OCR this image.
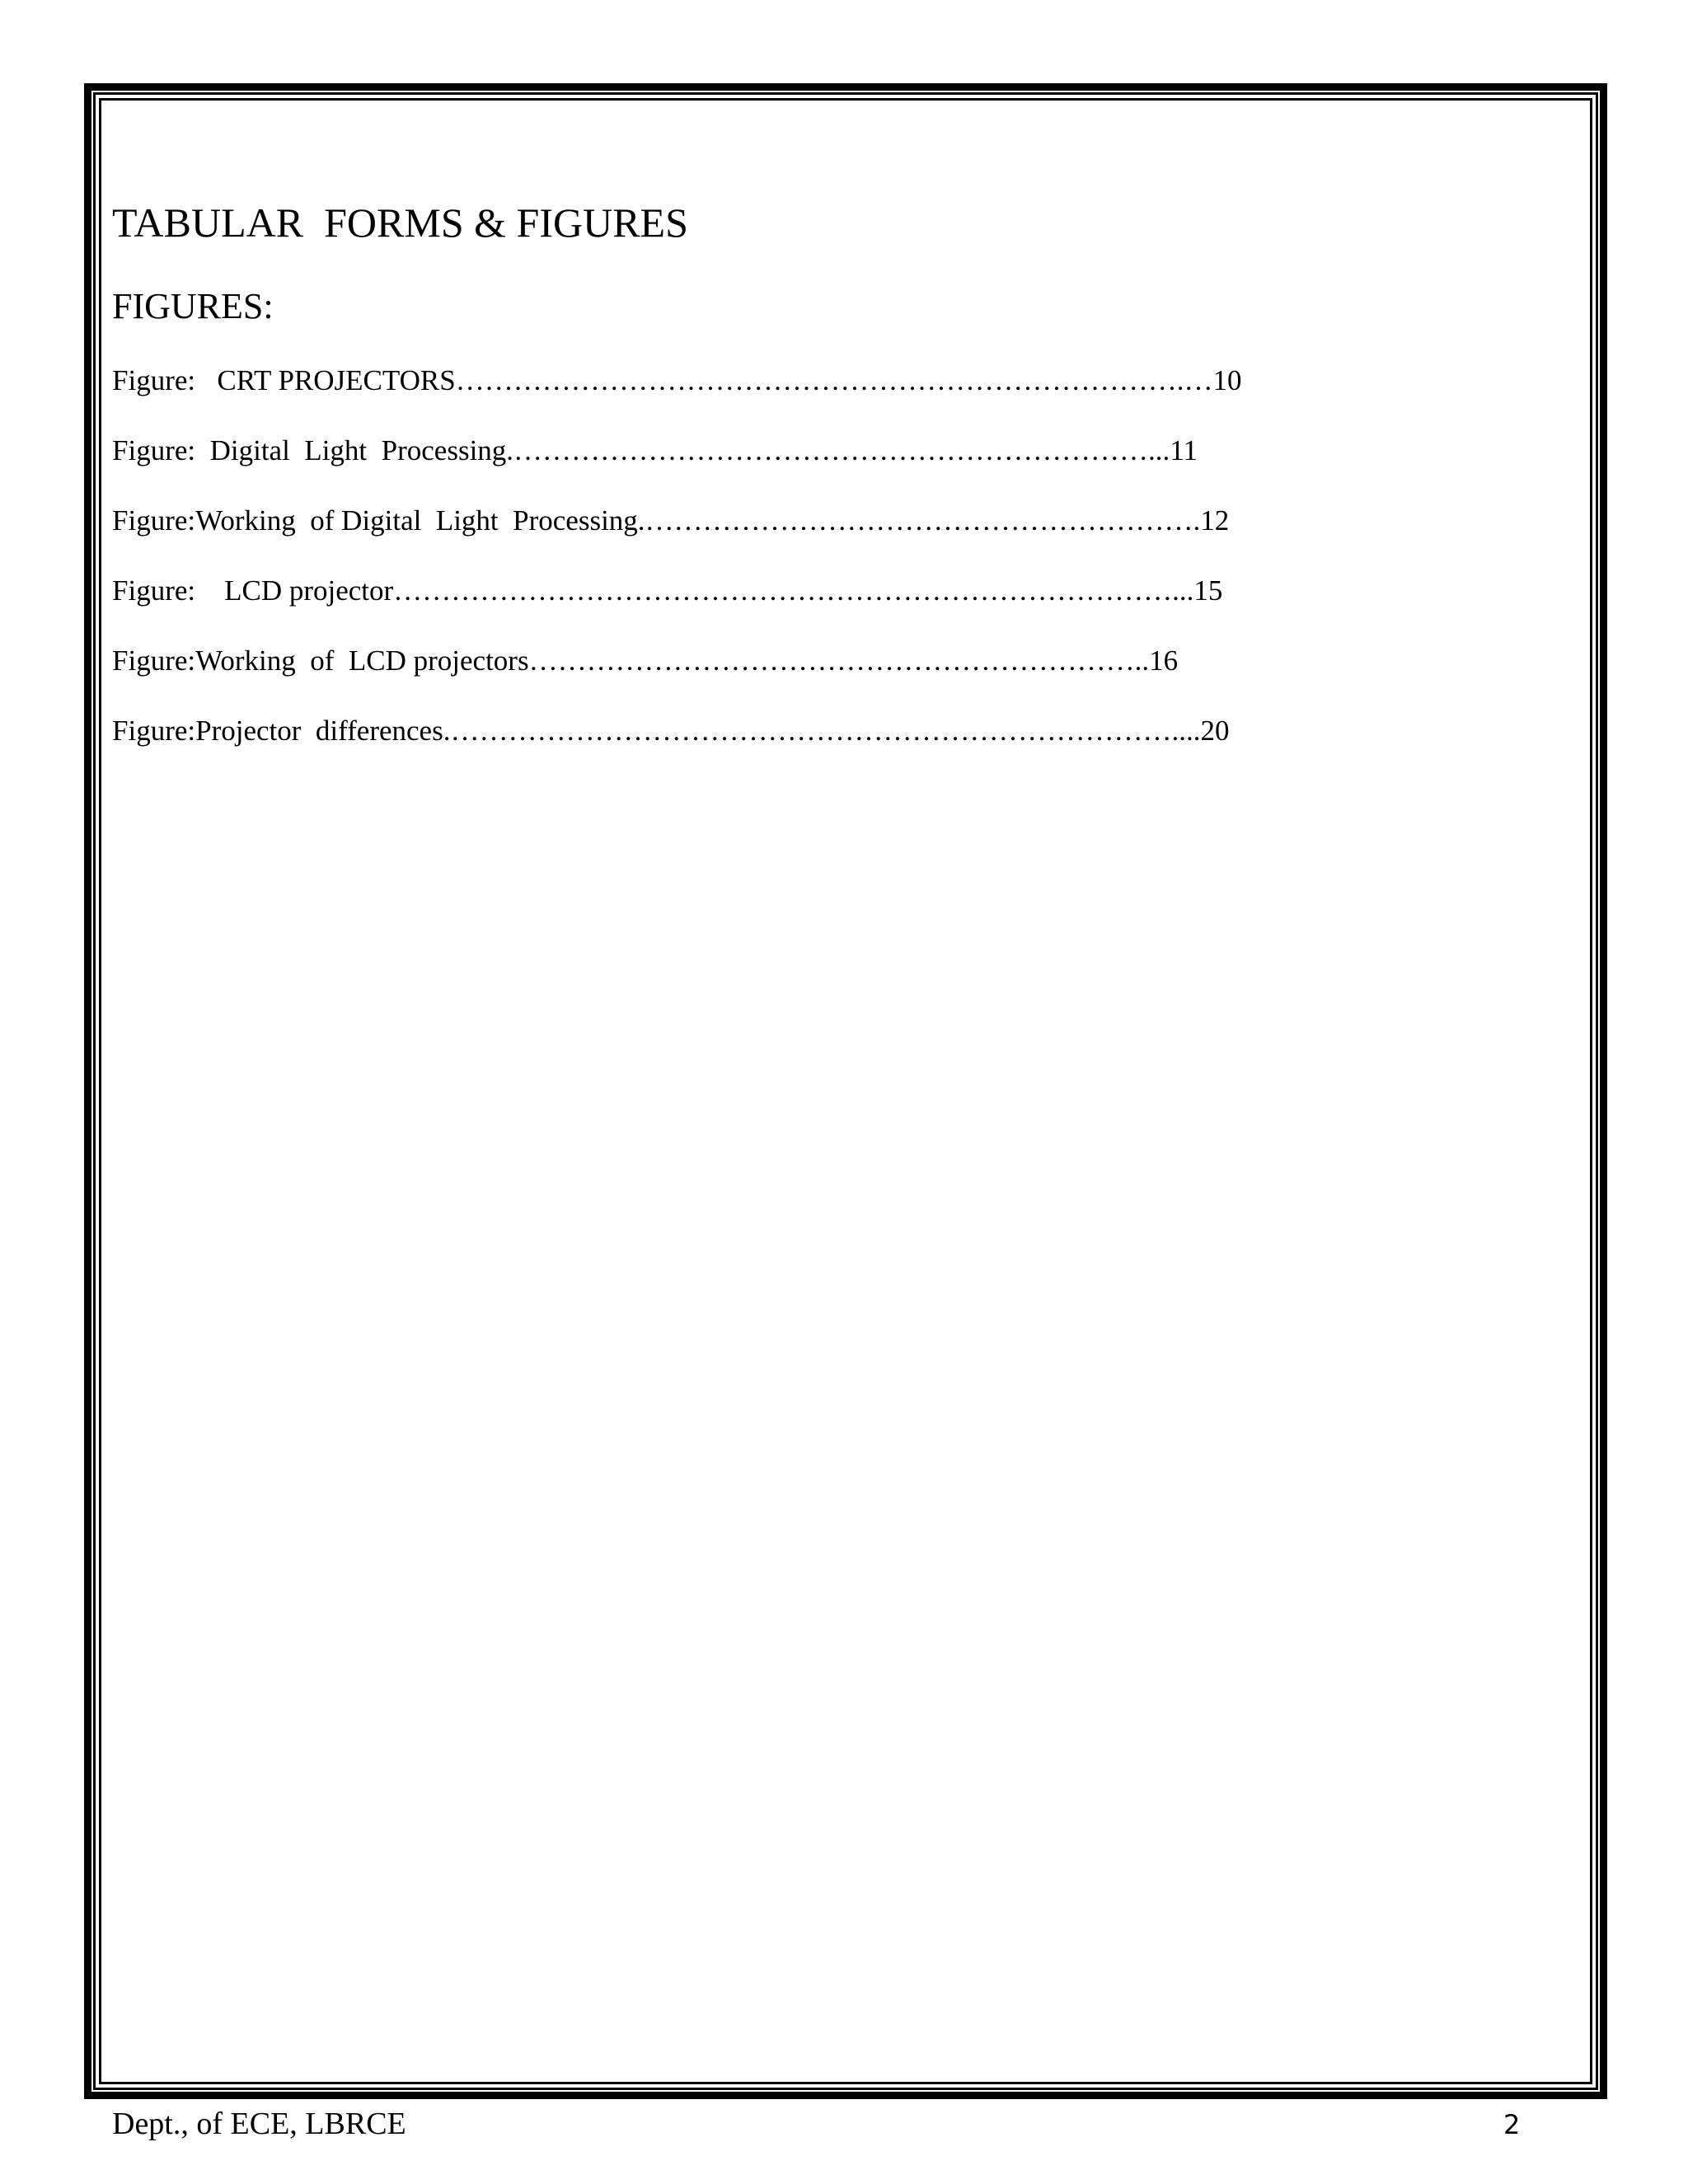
TABULAR  FORMS & FIGURES
FIGURES:
Figure:   CRT PROJECTORS………………………………………………………………….…10
Figure:  Digital  Light  Processing.…………………………………………………………...11
Figure:Working  of Digital  Light  Processing.………………………………………………….12
Figure:    LCD projector………………………………………………………………………...15
Figure:Working  of  LCD projectors………………………………………………………..16
Figure:Projector  differences.…………………………………………………………………....20
Dept., of ECE, LBRCE	2
